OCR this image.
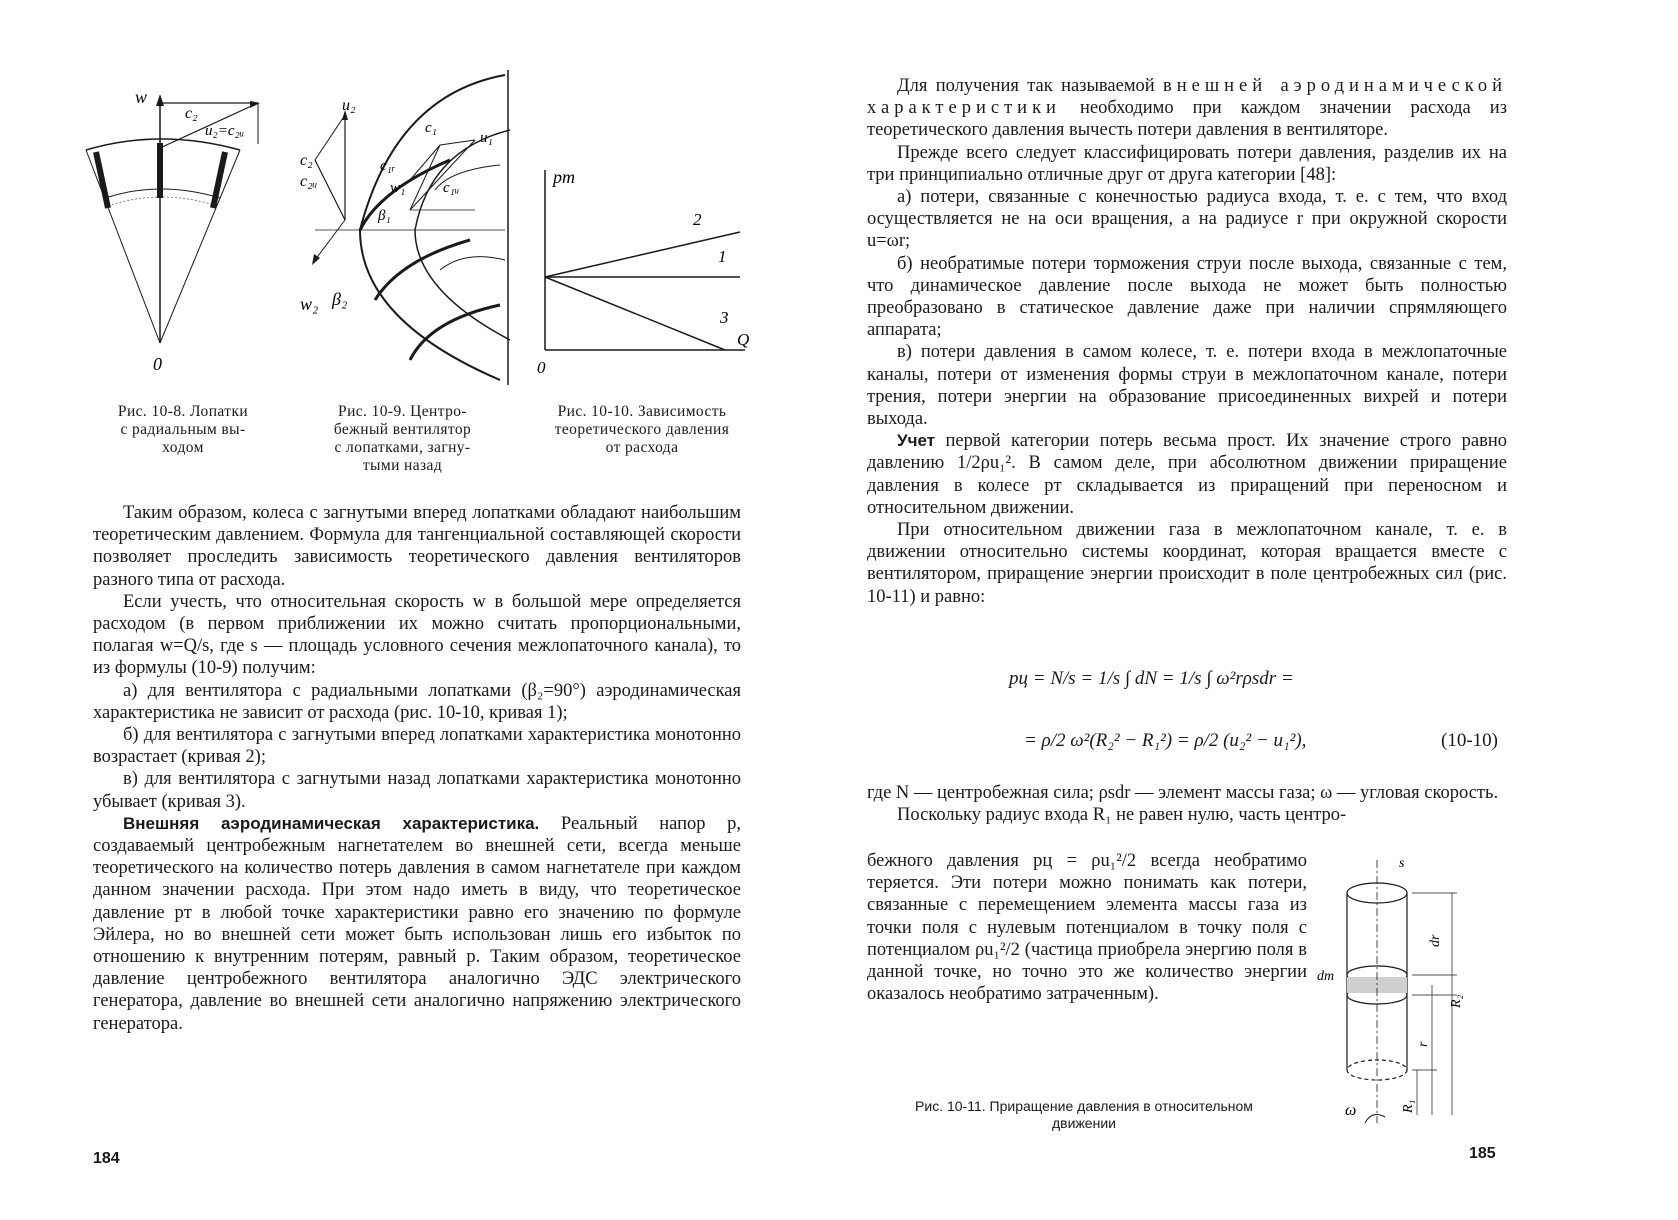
w
c₂
u₂=c₂ᵤ
0
Рис. 10-8. Лопатки
с радиальным вы-
ходом
u₂
c₂
c₂ᵤ
c₁
u₁
c₁ᵣ
w₁	c₁ᵤ
β₁
w₂ β₂
Рис. 10-9. Центро-
бежный вентилятор
с лопатками, загну-
тыми назад
pт
2
1
3
Q
0
Рис. 10-10. Зависимость
теоретического давления
от расхода

Таким образом, колеса с загнутыми вперед лопатками обладают наибольшим теоретическим давлением. Формула для тангенциальной составляющей скорости позволяет проследить зависимость теоретического давления вентиляторов разного типа от расхода.

Если учесть, что относительная скорость w в большой мере определяется расходом (в первом приближении их можно считать пропорциональными, полагая w=Q/s, где s — площадь условного сечения межлопаточного канала), то из формулы (10-9) получим:

а) для вентилятора с радиальными лопатками (β₂=90°) аэродинамическая характеристика не зависит от расхода (рис. 10-10, кривая 1);

б) для вентилятора с загнутыми вперед лопатками характеристика монотонно возрастает (кривая 2);

в) для вентилятора с загнутыми назад лопатками характеристика монотонно убывает (кривая 3).

Внешняя аэродинамическая характеристика. Реальный напор p, создаваемый центробежным нагнетателем во внешней сети, всегда меньше теоретического на количество потерь давления в самом нагнетателе при каждом данном значении расхода. При этом надо иметь в виду, что теоретическое давление pт в любой точке характеристики равно его значению по формуле Эйлера, но во внешней сети может быть использован лишь его избыток по отношению к внутренним потерям, равный p. Таким образом, теоретическое давление центробежного вентилятора аналогично ЭДС электрического генератора, давление во внешней сети аналогично напряжению электрического генератора.

184

Для получения так называемой внешней аэродинамической характеристики необходимо при каждом значении расхода из теоретического давления вычесть потери давления в вентиляторе.

Прежде всего следует классифицировать потери давления, разделив их на три принципиально отличные друг от друга категории [48]:

а) потери, связанные с конечностью радиуса входа, т. е. с тем, что вход осуществляется не на оси вращения, а на радиусе r при окружной скорости u=ωr;

б) необратимые потери торможения струи после выхода, связанные с тем, что динамическое давление после выхода не может быть полностью преобразовано в статическое давление даже при наличии спрямляющего аппарата;

в) потери давления в самом колесе, т. е. потери входа в межлопаточные каналы, потери от изменения формы струи в межлопаточном канале, потери трения, потери энергии на образование присоединенных вихрей и потери выхода.

Учет первой категории потерь весьма прост. Их значение строго равно давлению 1/2ρu₁². В самом деле, при абсолютном движении приращение давления в колесе pт складывается из приращений при переносном и относительном движении.

При относительном движении газа в межлопаточном канале, т. е. в движении относительно системы координат, которая вращается вместе с вентилятором, приращение энергии происходит в поле центробежных сил (рис. 10-11) и равно:

pц = N/s = 1/s ∫ dN = 1/s ∫ ω²rρsdr =
= ρ/2 ω²(R₂² − R₁²) = ρ/2 (u₂² − u₁²),	(10-10)

где N — центробежная сила; ρsdr — элемент массы газа; ω — угловая скорость.

Поскольку радиус входа R₁ не равен нулю, часть центро-

бежного давления pц = ρu₁²/2 всегда необратимо теряется. Эти потери можно понимать как потери, связанные с перемещением элемента массы газа из точки поля с нулевым потенциалом в точку поля с потенциалом ρu₁²/2 (частица приобрела энергию поля в данной точке, но точно это же количество энергии оказалось необратимо затраченным).

s
dm
dr
R₂
r
R₁
ω
Рис. 10-11. Приращение давления в относительном
движении
185
